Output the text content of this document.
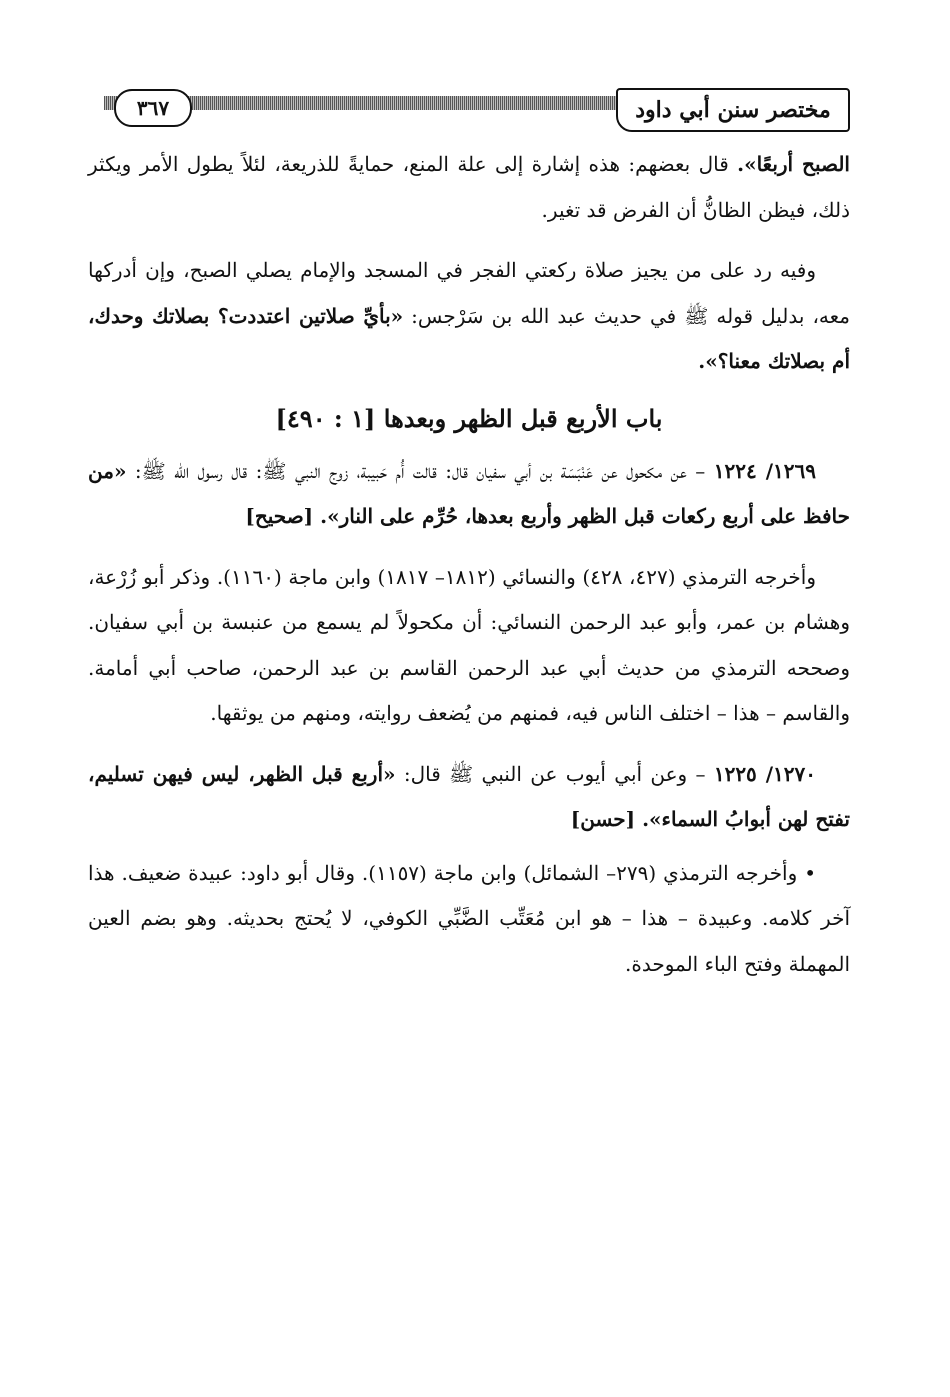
٣٦٧	مختصر سنن أبي داود

الصبح أربعًا». قال بعضهم: هذه إشارة إلى علة المنع، حمايةً للذريعة، لئلاً يطول الأمر ويكثر ذلك، فيظن الظانُّ أن الفرض قد تغير.

وفيه رد على من يجيز صلاة ركعتي الفجر في المسجد والإمام يصلي الصبح، وإن أدركها معه، بدليل قوله ﷺ في حديث عبد الله بن سَرْجس: «بأيِّ صلاتين اعتددت؟ بصلاتك وحدك، أم بصلاتك معنا؟».

باب الأربع قبل الظهر وبعدها [١ : ٤٩٠]

١٢٦٩/ ١٢٢٤ – عن مكحول عن عَنْبَسَة بن أبي سفيان قال: قالت أُم حَبيبة، زوج النبي ﷺ: قال رسول الله ﷺ: «من حافظ على أربع ركعات قبل الظهر وأربع بعدها، حُرِّم على النار». [صحيح]

وأخرجه الترمذي (٤٢٧، ٤٢٨) والنسائي (١٨١٢– ١٨١٧) وابن ماجة (١١٦٠). وذكر أبو زُرْعة، وهشام بن عمر، وأبو عبد الرحمن النسائي: أن مكحولاً لم يسمع من عنبسة بن أبي سفيان. وصححه الترمذي من حديث أبي عبد الرحمن القاسم بن عبد الرحمن، صاحب أبي أمامة. والقاسم – هذا – اختلف الناس فيه، فمنهم من يُضعف روايته، ومنهم من يوثقها.

١٢٧٠/ ١٢٢٥ – وعن أبي أيوب عن النبي ﷺ قال: «أربع قبل الظهر، ليس فيهن تسليم، تفتح لهن أبوابُ السماء». [حسن]

• وأخرجه الترمذي (٢٧٩– الشمائل) وابن ماجة (١١٥٧). وقال أبو داود: عبيدة ضعيف. هذا آخر كلامه. وعبيدة – هذا – هو ابن مُعَتِّب الضَّبِّي الكوفي، لا يُحتج بحديثه. وهو بضم العين المهملة وفتح الباء الموحدة.
